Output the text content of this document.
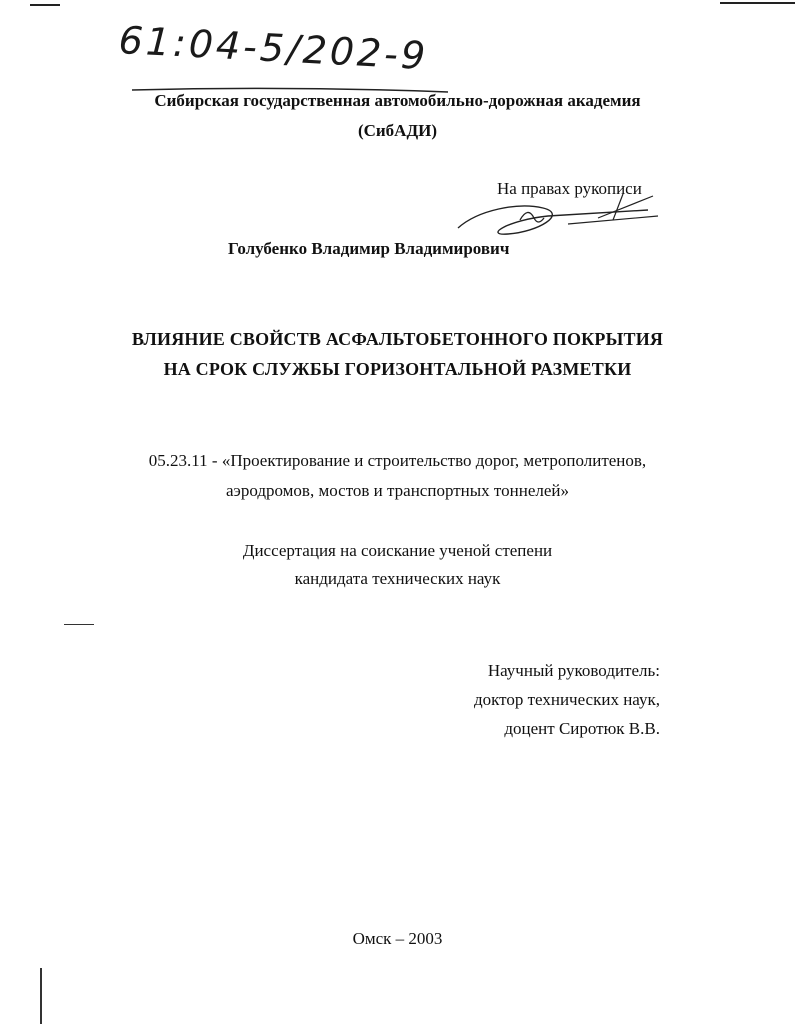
61:04-5/202-9
Сибирская государственная автомобильно-дорожная академия
(СибАДИ)
На правах рукописи
Голубенко Владимир Владимирович
ВЛИЯНИЕ СВОЙСТВ АСФАЛЬТОБЕТОННОГО ПОКРЫТИЯ
НА СРОК СЛУЖБЫ ГОРИЗОНТАЛЬНОЙ РАЗМЕТКИ
05.23.11 - «Проектирование и строительство дорог, метрополитенов,
аэродромов, мостов и транспортных тоннелей»
Диссертация на соискание ученой степени
кандидата технических наук
Научный руководитель:
доктор технических наук,
доцент Сиротюк В.В.
Омск – 2003
